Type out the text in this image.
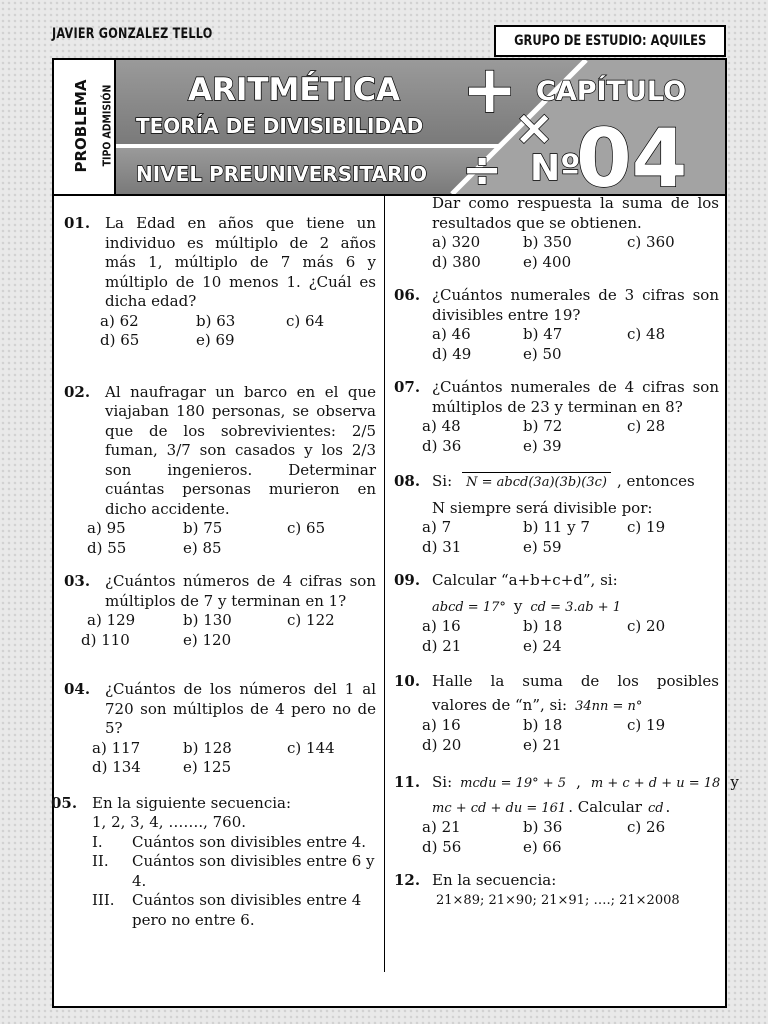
JAVIER GONZALEZ TELLO	GRUPO DE ESTUDIO: AQUILES
PROBLEMA TIPO ADMISIÓN ARITMÉTICA
TEORÍA DE DIVISIBILIDAD
NIVEL PREUNIVERSITARIO
+
×
÷
CAPÍTULO
Nº
04
01. La Edad en años que tiene un individuo es múltiplo de 2 años más 1, múltiplo de 7 más 6 y múltiplo de 10 menos 1. ¿Cuál es dicha edad?
a) 62	b) 63	c) 64
d) 65	e) 69
02. Al naufragar un barco en el que viajaban 180 personas, se observa que de los sobrevivientes: 2/5 fuman, 3/7 son casados y los 2/3 son ingenieros. Determinar cuántas personas murieron en dicho accidente.
a) 95	b) 75	c) 65
d) 55	e) 85
03. ¿Cuántos números de 4 cifras son múltiplos de 7 y terminan en 1?
a) 129	b) 130	c) 122
d) 110	e) 120
04. ¿Cuántos de los números del 1 al 720 son múltiplos de 4 pero no de 5?
a) 117	b) 128	c) 144
d) 134	e) 125
05. En la siguiente secuencia:
1, 2, 3, 4, ……., 760.
I. Cuántos son divisibles entre 4.
II. Cuántos son divisibles entre 6 y 4.
III. Cuántos son divisibles entre 4 pero no entre 6.
Dar como respuesta la suma de los resultados que se obtienen.
a) 320	b) 350	c) 360
d) 380	e) 400
06. ¿Cuántos numerales de 3 cifras son divisibles entre 19?
a) 46	b) 47	c) 48
d) 49	e) 50
07. ¿Cuántos numerales de 4 cifras son múltiplos de 23 y terminan en 8?
a) 48	b) 72	c) 28
d) 36	e) 39
08. Si:	N = abcd(3a)(3b)(3c) , entonces
N siempre será divisible por:
a) 7	b) 11 y 7	c) 19
d) 31	e) 59
09. Calcular “a+b+c+d”, si:
abcd = 17° y cd = 3.ab + 1
a) 16	b) 18	c) 20
d) 21	e) 24
10. Halle la suma de los posibles
valores de “n”, si: 34nn = n°
a) 16	b) 18	c) 19
d) 20	e) 21
11. Si: mcdu = 19° + 5 , m + c + d + u = 18 y
mc + cd + du = 161 . Calcular cd .
a) 21	b) 36	c) 26
d) 56	e) 66
12. En la secuencia:
21×89; 21×90; 21×91; ….; 21×2008
